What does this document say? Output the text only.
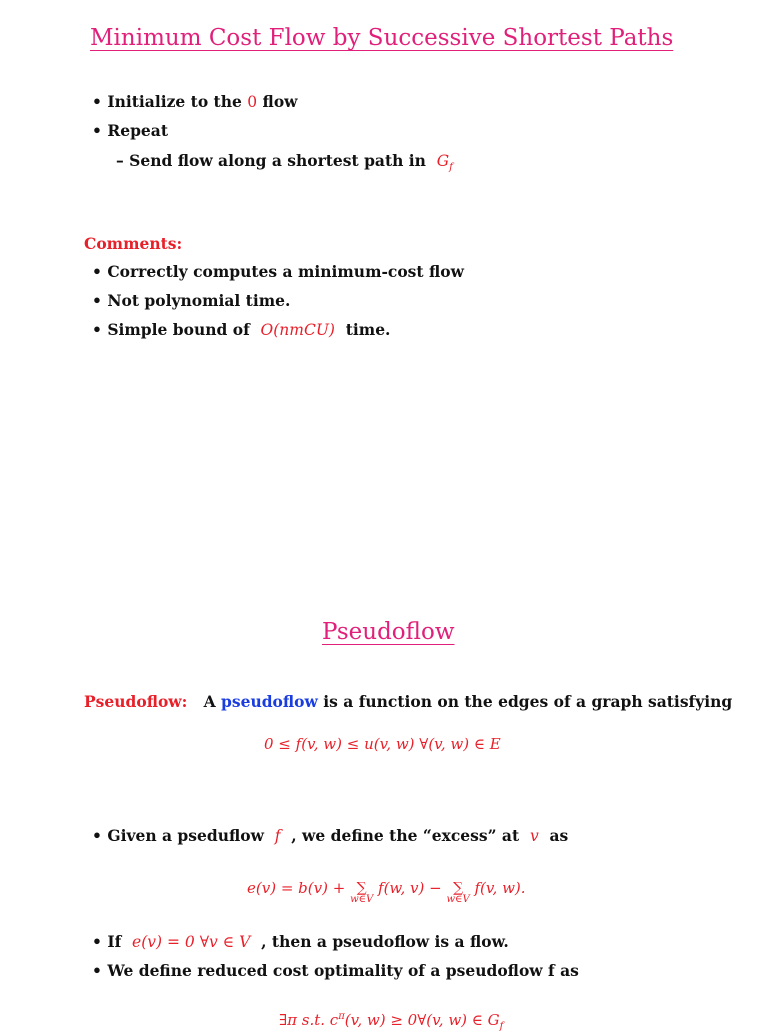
Minimum Cost Flow by Successive Shortest Paths
• Initialize to the 0 flow
• Repeat
– Send flow along a shortest path in $G_f$
Comments:
• Correctly computes a minimum-cost flow
• Not polynomial time.
• Simple bound of O(nmCU) time.
Pseudoflow
Pseudoflow: A pseudoflow is a function on the edges of a graph satisfying
0 ≤ f(v, w) ≤ u(v, w) ∀(v, w) ∈ E
• Given a pseduflow f , we define the “excess” at v as
e(v) = b(v) + ∑
w∈V
f(w, v) − ∑
w∈V
f(v, w).
• If e(v) = 0 ∀v ∈ V , then a pseudoflow is a flow.
• We define reduced cost optimality of a pseudoflow f as
∃π s.t. $c^\pi(v$, w) ≥ 0∀(v, w) ∈ $G_f$
